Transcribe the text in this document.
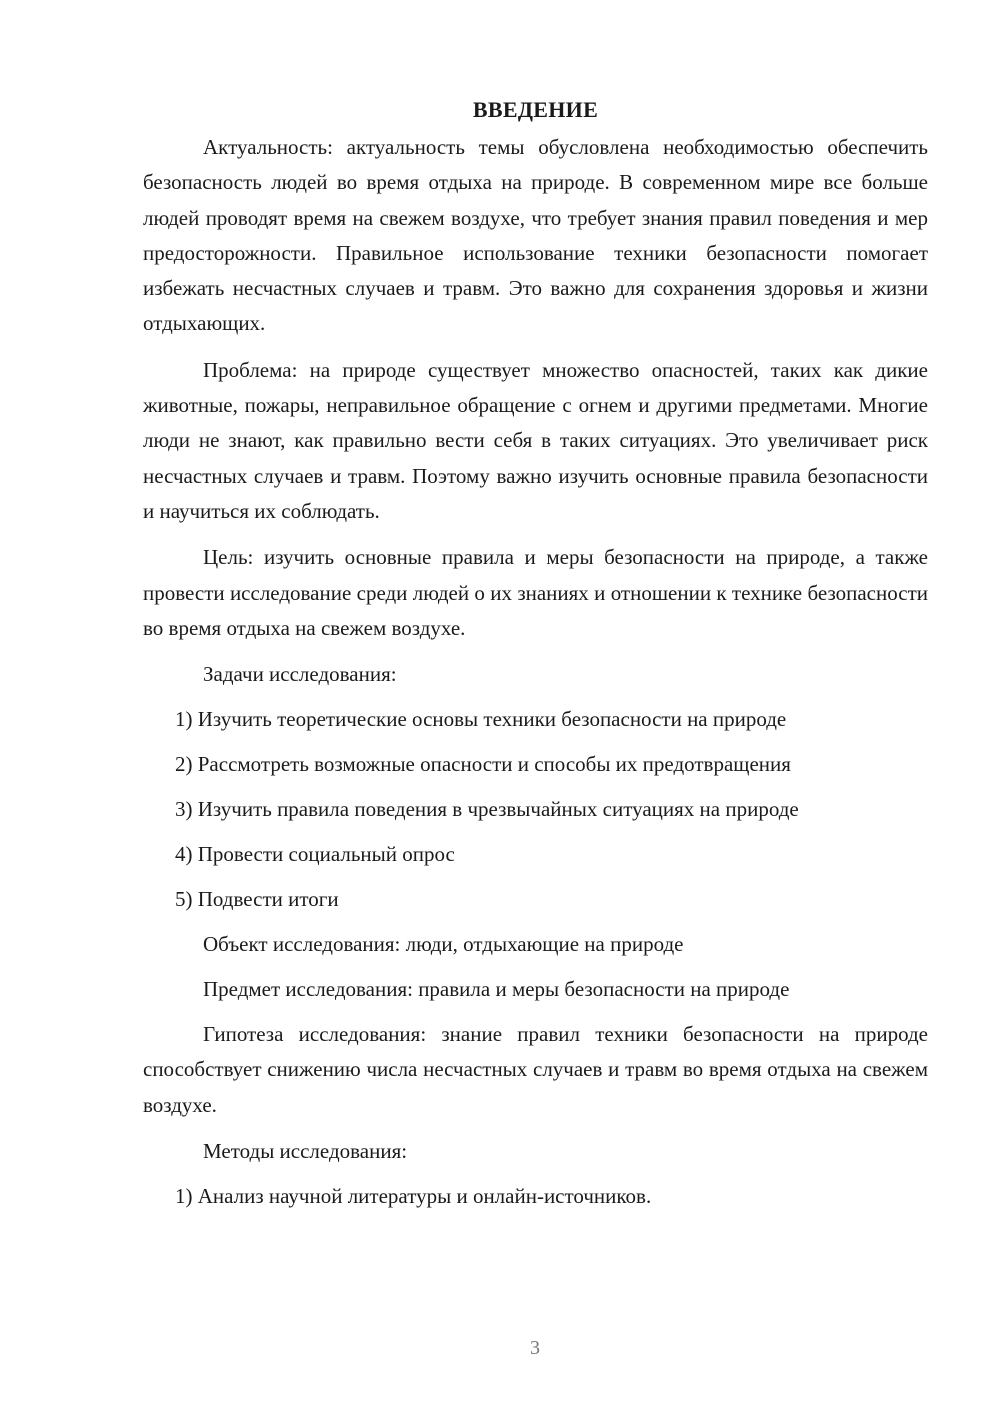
ВВЕДЕНИЕ

Актуальность: актуальность темы обусловлена необходимостью обеспечить безопасность людей во время отдыха на природе. В современном мире все больше людей проводят время на свежем воздухе, что требует знания правил поведения и мер предосторожности. Правильное использование техники безопасности помогает избежать несчастных случаев и травм. Это важно для сохранения здоровья и жизни отдыхающих.

Проблема: на природе существует множество опасностей, таких как дикие животные, пожары, неправильное обращение с огнем и другими предметами. Многие люди не знают, как правильно вести себя в таких ситуациях. Это увеличивает риск несчастных случаев и травм. Поэтому важно изучить основные правила безопасности и научиться их соблюдать.

Цель: изучить основные правила и меры безопасности на природе, а также провести исследование среди людей о их знаниях и отношении к технике безопасности во время отдыха на свежем воздухе.

Задачи исследования:
1) Изучить теоретические основы техники безопасности на природе
2) Рассмотреть возможные опасности и способы их предотвращения
3) Изучить правила поведения в чрезвычайных ситуациях на природе
4) Провести социальный опрос
5) Подвести итоги
Объект исследования: люди, отдыхающие на природе
Предмет исследования: правила и меры безопасности на природе

Гипотеза исследования: знание правил техники безопасности на природе способствует снижению числа несчастных случаев и травм во время отдыха на свежем воздухе.

Методы исследования:
1) Анализ научной литературы и онлайн-источников.
3
